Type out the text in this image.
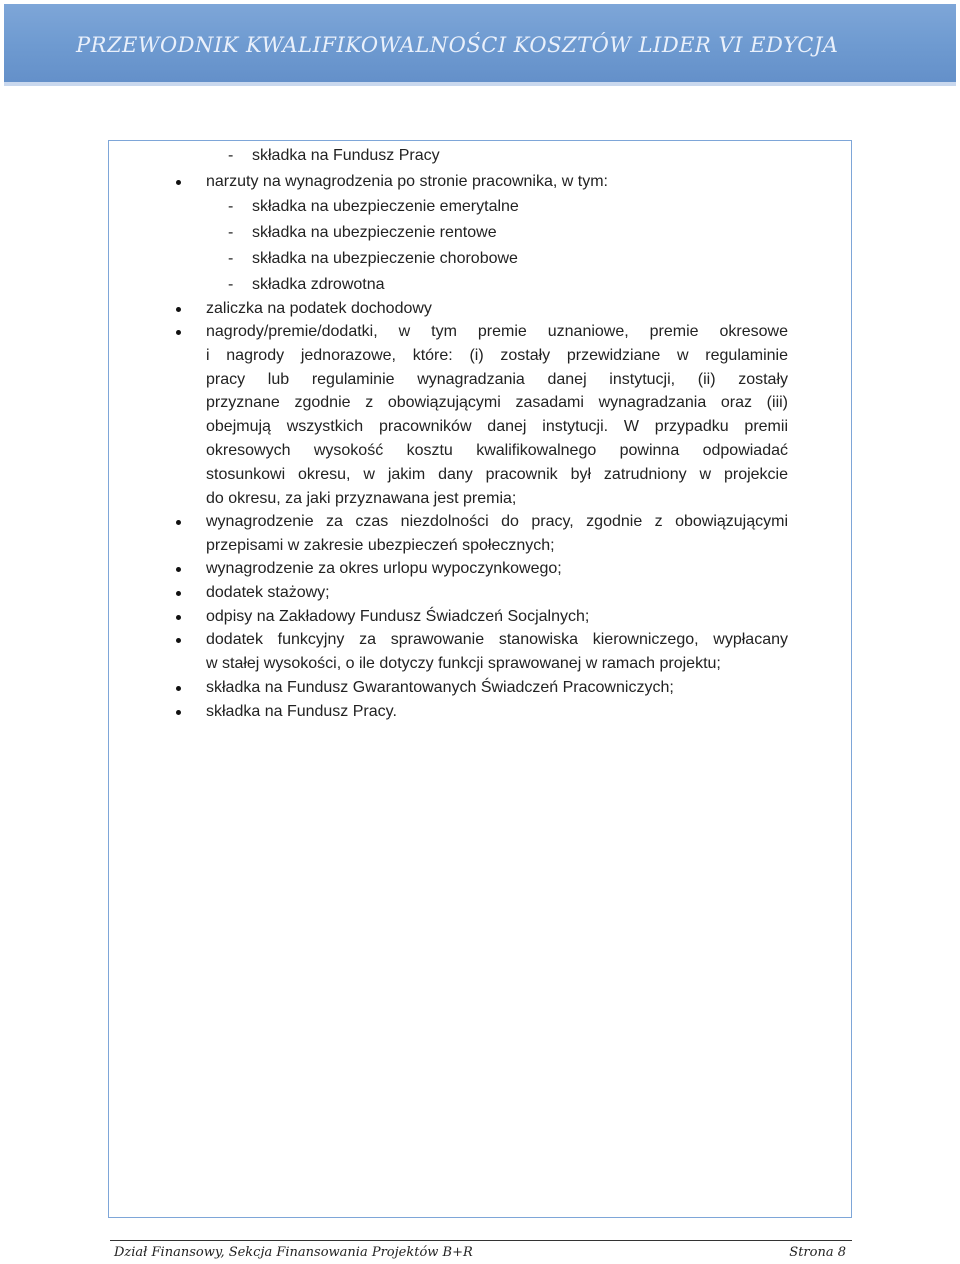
PRZEWODNIK KWALIFIKOWALNOŚCI KOSZTÓW LIDER VI EDYCJA
- składka na Fundusz Pracy
narzuty na wynagrodzenia po stronie pracownika, w tym:
- składka na ubezpieczenie emerytalne
- składka na ubezpieczenie rentowe
- składka na ubezpieczenie chorobowe
- składka zdrowotna
zaliczka na podatek dochodowy
nagrody/premie/dodatki, w tym premie uznaniowe, premie okresowe
i nagrody jednorazowe, które: (i) zostały przewidziane w regulaminie
pracy lub regulaminie wynagradzania danej instytucji, (ii) zostały
przyznane zgodnie z obowiązującymi zasadami wynagradzania oraz (iii)
obejmują wszystkich pracowników danej instytucji. W przypadku premii
okresowych wysokość kosztu kwalifikowalnego powinna odpowiadać
stosunkowi okresu, w jakim dany pracownik był zatrudniony w projekcie
do okresu, za jaki przyznawana jest premia;
wynagrodzenie za czas niezdolności do pracy, zgodnie z obowiązującymi
przepisami w zakresie ubezpieczeń społecznych;
wynagrodzenie za okres urlopu wypoczynkowego;
dodatek stażowy;
odpisy na Zakładowy Fundusz Świadczeń Socjalnych;
dodatek funkcyjny za sprawowanie stanowiska kierowniczego, wypłacany
w stałej wysokości, o ile dotyczy funkcji sprawowanej w ramach projektu;
składka na Fundusz Gwarantowanych Świadczeń Pracowniczych;
składka na Fundusz Pracy.
Dział Finansowy, Sekcja Finansowania Projektów B+R	Strona 8
